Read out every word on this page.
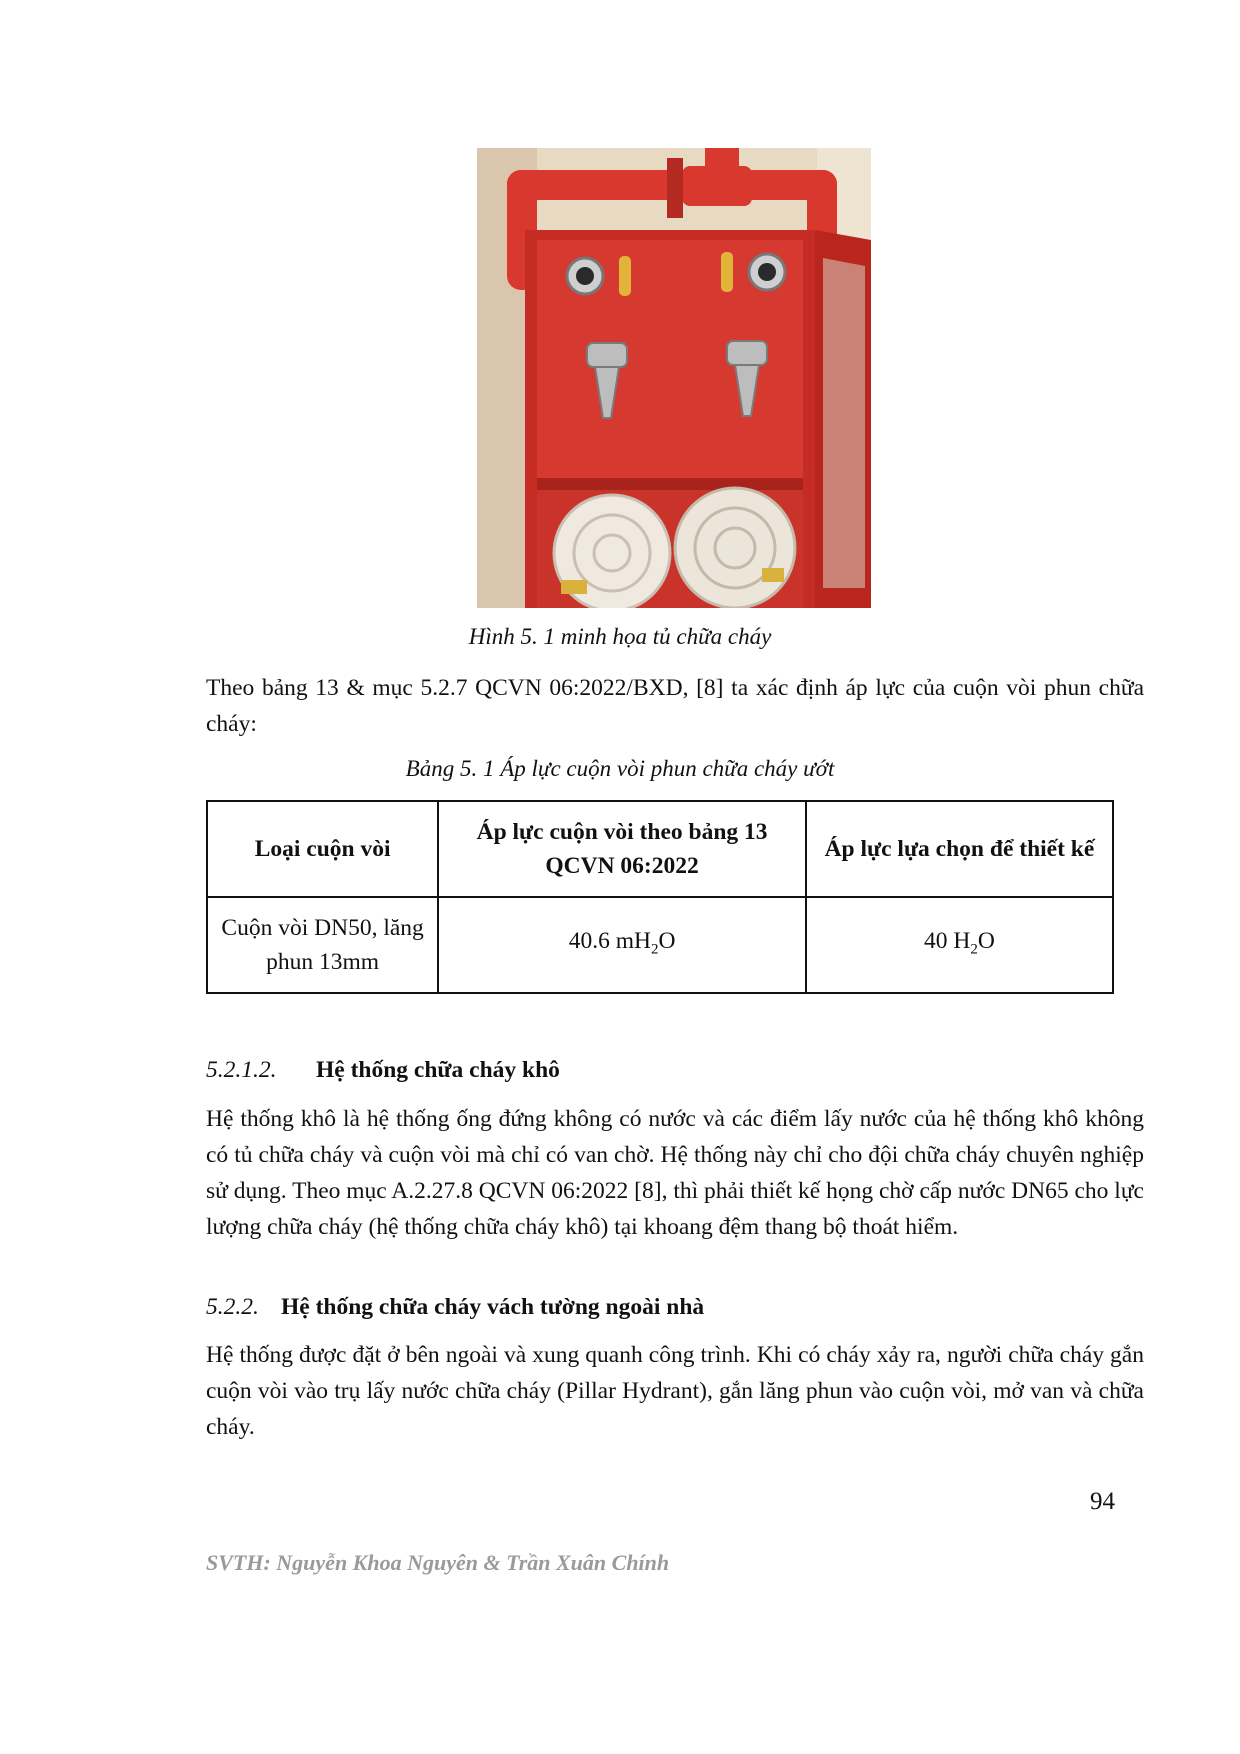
Hình 5. 1 minh họa tủ chữa cháy

Theo bảng 13 & mục 5.2.7 QCVN 06:2022/BXD, [8] ta xác định áp lực của cuộn vòi phun chữa cháy:

Bảng 5. 1 Áp lực cuộn vòi phun chữa cháy ướt
Loại cuộn vòi	Áp lực cuộn vòi theo bảng 13 QCVN 06:2022	Áp lực lựa chọn để thiết kế
Cuộn vòi DN50, lăng phun 13mm	40.6 $mH_2O$	40 $H_2O$
5.2.1.2.	Hệ thống chữa cháy khô

Hệ thống khô là hệ thống ống đứng không có nước và các điểm lấy nước của hệ thống khô không có tủ chữa cháy và cuộn vòi mà chỉ có van chờ. Hệ thống này chỉ cho đội chữa cháy chuyên nghiệp sử dụng. Theo mục A.2.27.8 QCVN 06:2022 [8], thì phải thiết kế họng chờ cấp nước DN65 cho lực lượng chữa cháy (hệ thống chữa cháy khô) tại khoang đệm thang bộ thoát hiểm.

5.2.2. Hệ thống chữa cháy vách tường ngoài nhà

Hệ thống được đặt ở bên ngoài và xung quanh công trình. Khi có cháy xảy ra, người chữa cháy gắn cuộn vòi vào trụ lấy nước chữa cháy (Pillar Hydrant), gắn lăng phun vào cuộn vòi, mở van và chữa cháy.

94
SVTH: Nguyễn Khoa Nguyên & Trần Xuân Chính
